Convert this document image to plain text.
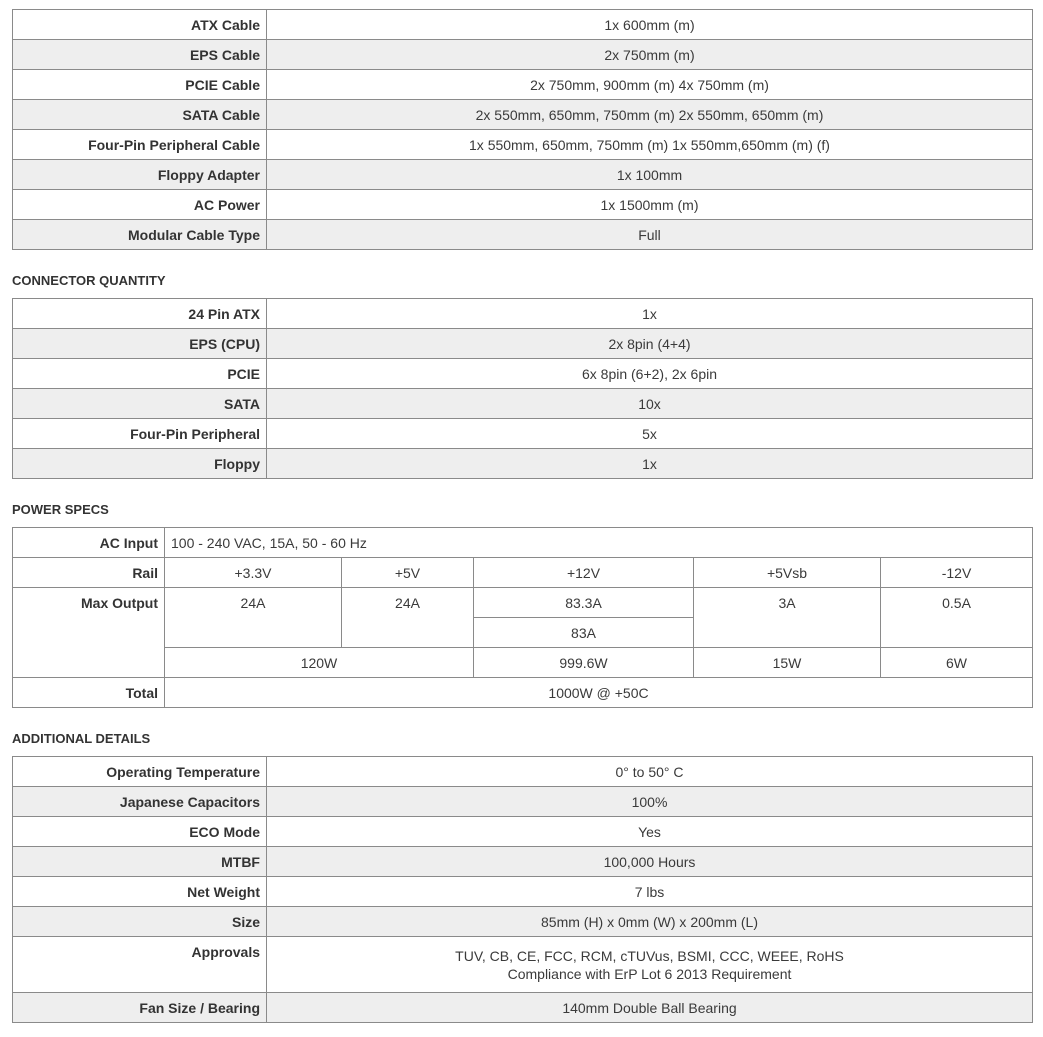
ATX Cable	1x 600mm (m)
EPS Cable	2x 750mm (m)
PCIE Cable	2x 750mm, 900mm (m) 4x 750mm (m)
SATA Cable	2x 550mm, 650mm, 750mm (m) 2x 550mm, 650mm (m)
Four-Pin Peripheral Cable	1x 550mm, 650mm, 750mm (m) 1x 550mm,650mm (m) (f)
Floppy Adapter	1x 100mm
AC Power	1x 1500mm (m)
Modular Cable Type	Full
CONNECTOR QUANTITY
24 Pin ATX	1x
EPS (CPU)	2x 8pin (4+4)
PCIE	6x 8pin (6+2), 2x 6pin
SATA	10x
Four-Pin Peripheral	5x
Floppy	1x
POWER SPECS
AC Input	100 - 240 VAC, 15A, 50 - 60 Hz				
Rail	+3.3V	+5V	+12V	+5Vsb	-12V
Max Output	24A	24A	83.3A	3A	0.5A
			83A		
	120W		999.6W	15W	6W
Total	1000W @ +50C				
ADDITIONAL DETAILS
Operating Temperature	0° to 50° C
Japanese Capacitors	100%
ECO Mode	Yes
MTBF	100,000 Hours
Net Weight	7 lbs
Size	85mm (H) x 0mm (W) x 200mm (L)
Approvals	TUV, CB, CE, FCC, RCM, cTUVus, BSMI, CCC, WEEE, RoHS
Compliance with ErP Lot 6 2013 Requirement

Fan Size / Bearing	140mm Double Ball Bearing
